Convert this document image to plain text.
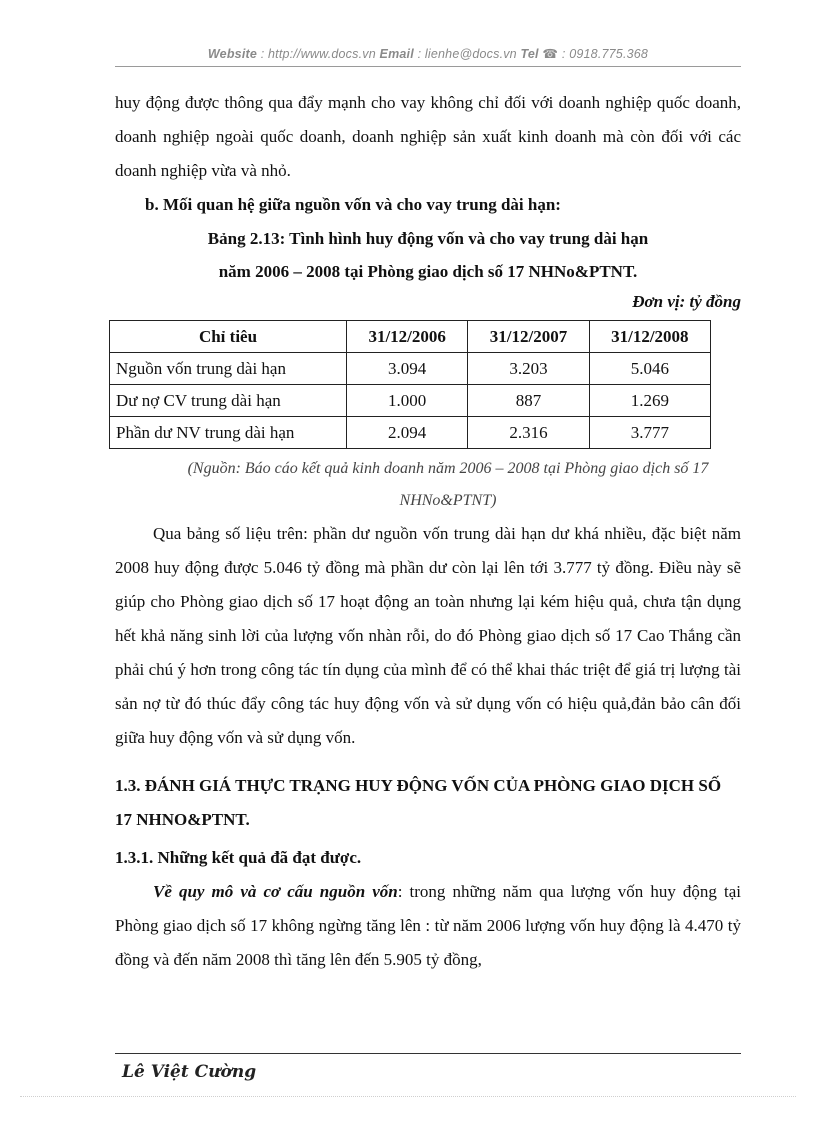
Website : http://www.docs.vn Email : lienhe@docs.vn Tel ☎ : 0918.775.368

huy động được thông qua đẩy mạnh cho vay không chỉ đối với doanh nghiệp quốc doanh, doanh nghiệp ngoài quốc doanh, doanh nghiệp sản xuất kinh doanh mà còn đối với các doanh nghiệp vừa và nhỏ.

b. Mối quan hệ giữa nguồn vốn và cho vay trung dài hạn:

Bảng 2.13: Tình hình huy động vốn và cho vay trung dài hạn

năm 2006 – 2008 tại Phòng giao dịch số 17 NHNo&PTNT.

Đơn vị: tỷ đồng

Chỉ tiêu	31/12/2006	31/12/2007	31/12/2008
Nguồn vốn trung dài hạn	3.094	3.203	5.046
Dư nợ CV trung dài hạn	1.000	887	1.269
Phần dư NV trung dài hạn	2.094	2.316	3.777

(Nguồn: Báo cáo kết quả kinh doanh năm 2006 – 2008 tại Phòng giao dịch số 17 NHNo&PTNT)

Qua bảng số liệu trên: phần dư nguồn vốn trung dài hạn dư khá nhiều, đặc biệt năm 2008 huy động được 5.046 tỷ đồng mà phần dư còn lại lên tới 3.777 tỷ đồng. Điều này sẽ giúp cho Phòng giao dịch số 17 hoạt động an toàn nhưng lại kém hiệu quả, chưa tận dụng hết khả năng sinh lời của lượng vốn nhàn rỗi, do đó Phòng giao dịch số 17 Cao Thắng cần phải chú ý hơn trong công tác tín dụng của mình để có thể khai thác triệt để giá trị lượng tài sản nợ từ đó thúc đẩy công tác huy động vốn và sử dụng vốn có hiệu quả,đản bảo cân đối giữa huy động vốn và sử dụng vốn.

1.3. ĐÁNH GIÁ THỰC TRẠNG HUY ĐỘNG VỐN CỦA PHÒNG GIAO DỊCH SỐ 17 NHNO&PTNT.

1.3.1. Những kết quả đã đạt được.

Về quy mô và cơ cấu nguồn vốn: trong những năm qua lượng vốn huy động tại Phòng giao dịch số 17 không ngừng tăng lên : từ năm 2006 lượng vốn huy động là 4.470 tỷ đồng và đến năm 2008 thì tăng lên đến 5.905 tỷ đồng,

Lê Việt Cường
